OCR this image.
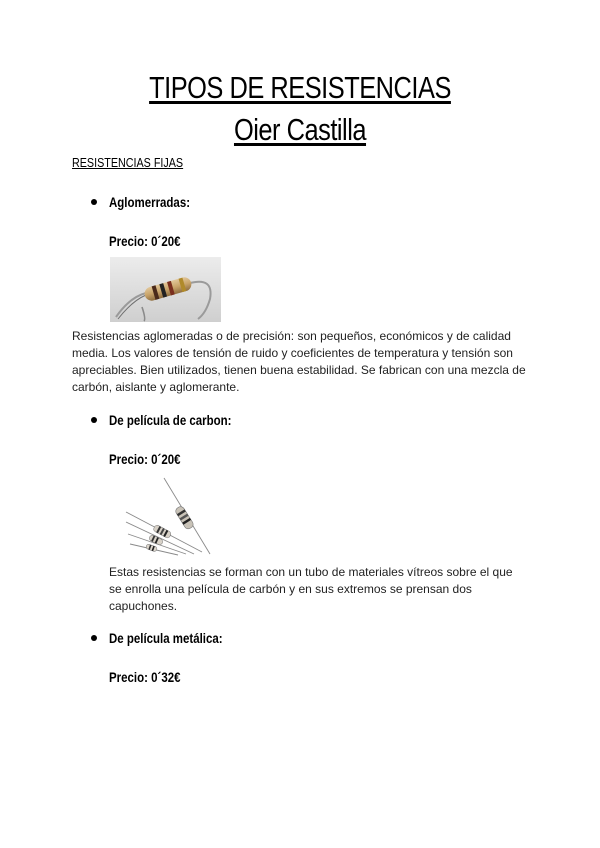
TIPOS DE RESISTENCIAS
Oier Castilla
RESISTENCIAS FIJAS
Aglomerradas:
Precio: 0´20€

Resistencias aglomeradas o de precisión: son pequeños, económicos y de calidad media. Los valores de tensión de ruido y coeficientes de temperatura y tensión son apreciables. Bien utilizados, tienen buena estabilidad. Se fabrican con una mezcla de carbón, aislante y aglomerante.

De película de carbon:
Precio: 0´20€

Estas resistencias se forman con un tubo de materiales vítreos sobre el que se enrolla una película de carbón y en sus extremos se prensan dos capuchones.

De película metálica:
Precio: 0´32€
